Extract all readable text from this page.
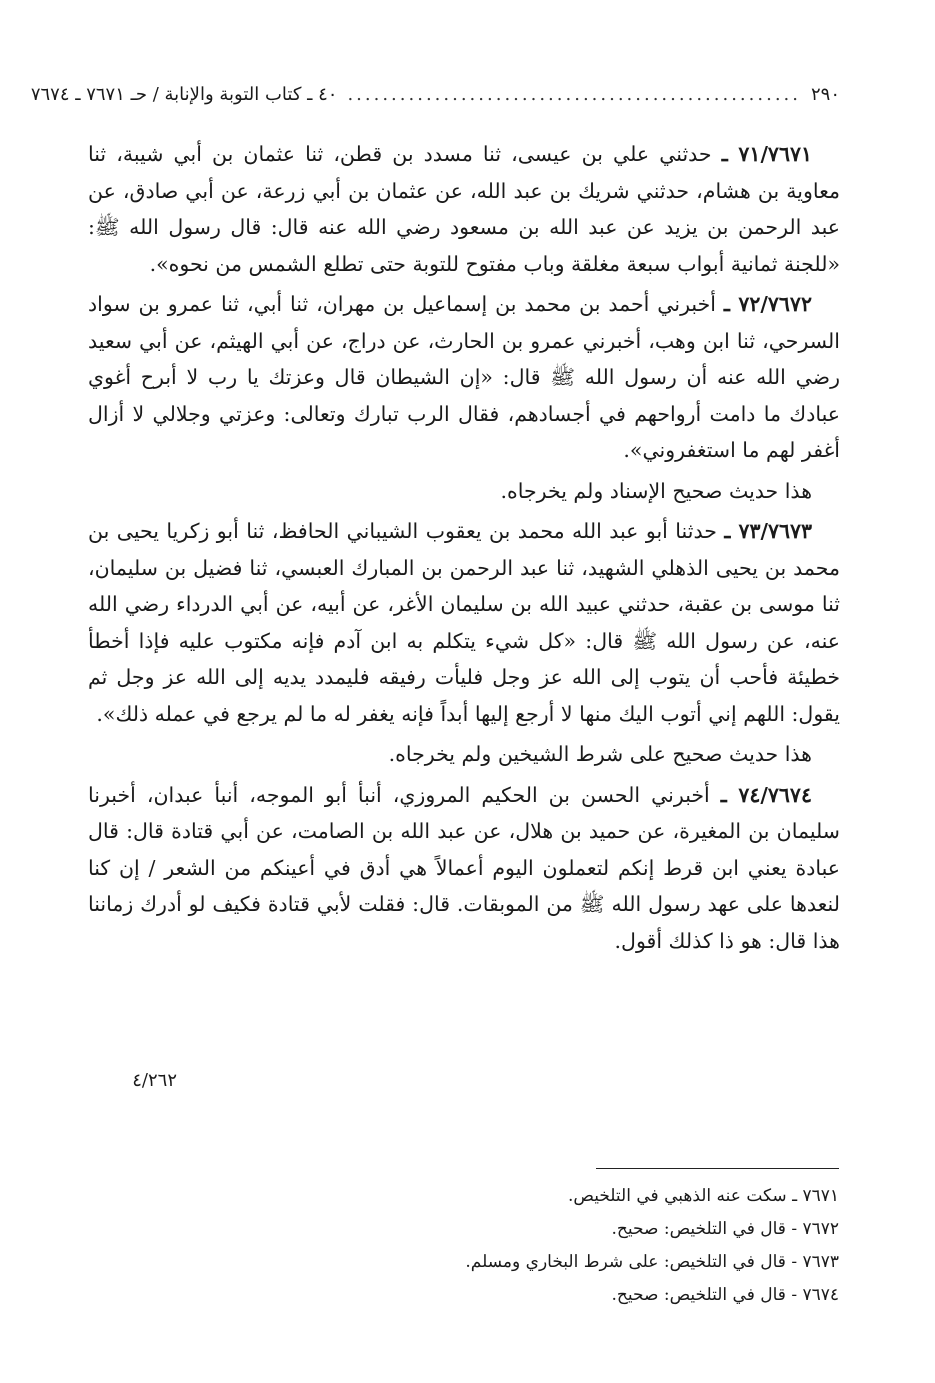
٢٩٠
....................................................
٤٠ ـ كتاب التوبة والإنابة / حـ ٧٦٧١ ـ ٧٦٧٤

٧١/٧٦٧١ ـ حدثني علي بن عيسى، ثنا مسدد بن قطن، ثنا عثمان بن أبي شيبة، ثنا معاوية بن هشام، حدثني شريك بن عبد الله، عن عثمان بن أبي زرعة، عن أبي صادق، عن عبد الرحمن بن يزيد عن عبد الله بن مسعود رضي الله عنه قال: قال رسول الله ﷺ: «للجنة ثمانية أبواب سبعة مغلقة وباب مفتوح للتوبة حتى تطلع الشمس من نحوه».

٧٢/٧٦٧٢ ـ أخبرني أحمد بن محمد بن إسماعيل بن مهران، ثنا أبي، ثنا عمرو بن سواد السرحي، ثنا ابن وهب، أخبرني عمرو بن الحارث، عن دراج، عن أبي الهيثم، عن أبي سعيد رضي الله عنه أن رسول الله ﷺ قال: «إن الشيطان قال وعزتك يا رب لا أبرح أغوي عبادك ما دامت أرواحهم في أجسادهم، فقال الرب تبارك وتعالى: وعزتي وجلالي لا أزال أغفر لهم ما استغفروني».

هذا حديث صحيح الإسناد ولم يخرجاه.

٧٣/٧٦٧٣ ـ حدثنا أبو عبد الله محمد بن يعقوب الشيباني الحافظ، ثنا أبو زكريا يحيى بن محمد بن يحيى الذهلي الشهيد، ثنا عبد الرحمن بن المبارك العبسي، ثنا فضيل بن سليمان، ثنا موسى بن عقبة، حدثني عبيد الله بن سليمان الأغر، عن أبيه، عن أبي الدرداء رضي الله عنه، عن رسول الله ﷺ قال: «كل شيء يتكلم به ابن آدم فإنه مكتوب عليه فإذا أخطأ خطيئة فأحب أن يتوب إلى الله عز وجل فليأت رفيقه فليمدد يديه إلى الله عز وجل ثم يقول: اللهم إني أتوب اليك منها لا أرجع إليها أبداً فإنه يغفر له ما لم يرجع في عمله ذلك».

هذا حديث صحيح على شرط الشيخين ولم يخرجاه.

٧٤/٧٦٧٤ ـ أخبرني الحسن بن الحكيم المروزي، أنبأ أبو الموجه، أنبأ عبدان، أخبرنا سليمان بن المغيرة، عن حميد بن هلال، عن عبد الله بن الصامت، عن أبي قتادة قال: قال عبادة يعني ابن قرط إنكم لتعملون اليوم أعمالاً هي أدق في أعينكم من الشعر / إن كنا لنعدها على عهد رسول الله ﷺ من الموبقات. قال: فقلت لأبي قتادة فكيف لو أدرك زماننا هذا قال: هو ذا كذلك أقول.

٤/٢٦٢
٧٦٧١ ـ سكت عنه الذهبي في التلخيص.
٧٦٧٢ - قال في التلخيص: صحيح.
٧٦٧٣ - قال في التلخيص: على شرط البخاري ومسلم.
٧٦٧٤ - قال في التلخيص: صحيح.
